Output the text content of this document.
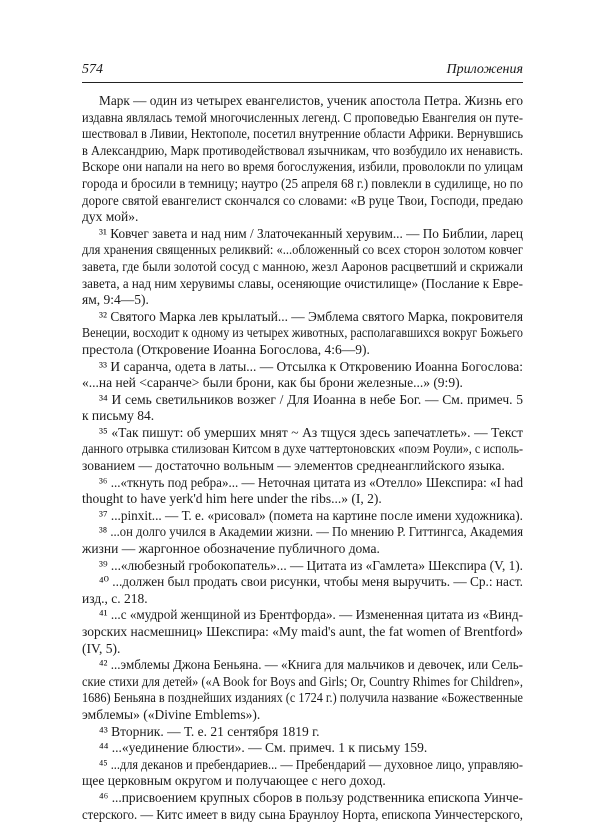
574	Приложения
Марк — один из четырех евангелистов, ученик апостола Петра. Жизнь его
издавна являлась темой многочисленных легенд. С проповедью Евангелия он путе-
шествовал в Ливии, Нектополе, посетил внутренние области Африки. Вернувшись
в Александрию, Марк противодействовал язычникам, что возбудило их ненависть.
Вскоре они напали на него во время богослужения, избили, проволокли по улицам
города и бросили в темницу; наутро (25 апреля 68 г.) повлекли в судилище, но по
дороге святой евангелист скончался со словами: «В руце Твои, Господи, предаю
дух мой».
³¹ Ковчег завета и над ним / Златочеканный херувим... — По Библии, ларец
для хранения священных реликвий: «...обложенный со всех сторон золотом ковчег
завета, где были золотой сосуд с манною, жезл Ааронов расцветший и скрижали
завета, а над ним херувимы славы, осеняющие очистилище» (Послание к Евре-
ям, 9:4—5).
³² Святого Марка лев крылатый... — Эмблема святого Марка, покровителя
Венеции, восходит к одному из четырех животных, располагавшихся вокруг Божьего
престола (Откровение Иоанна Богослова, 4:6—9).
³³ И саранча, одета в латы... — Отсылка к Откровению Иоанна Богослова:
«...на ней <саранче> были брони, как бы брони железные...» (9:9).
³⁴ И семь светильников возжег / Для Иоанна в небе Бог. — См. примеч. 5
к письму 84.
³⁵ «Так пишут: об умерших мнят ~ Аз тщуся здесь запечатлеть». — Текст
данного отрывка стилизован Китсом в духе чаттертоновских «поэм Роули», с исполь-
зованием — достаточно вольным — элементов среднеанглийского языка.
³⁶ ...«ткнуть под ребра»... — Неточная цитата из «Отелло» Шекспира: «I had
thought to have yerk'd him here under the ribs...» (I, 2).
³⁷ ...pinxit... — Т. е. «рисовал» (помета на картине после имени художника).
³⁸ ...он долго учился в Академии жизни. — По мнению Р. Гиттингса, Академия
жизни — жаргонное обозначение публичного дома.
³⁹ ...«любезный гробокопатель»... — Цитата из «Гамлета» Шекспира (V, 1).
⁴⁰ ...должен был продать свои рисунки, чтобы меня выручить. — Ср.: наст.
изд., с. 218.
⁴¹ ...с «мудрой женщиной из Брентфорда». — Измененная цитата из «Винд-
зорских насмешниц» Шекспира: «My maid's aunt, the fat women of Brentford»
(IV, 5).
⁴² ...эмблемы Джона Беньяна. — «Книга для мальчиков и девочек, или Сель-
ские стихи для детей» («A Book for Boys and Girls; Or, Country Rhimes for Children»,
1686) Беньяна в позднейших изданиях (с 1724 г.) получила название «Божественные
эмблемы» («Divine Emblems»).
⁴³ Вторник. — Т. е. 21 сентября 1819 г.
⁴⁴ ...«уединение блюсти». — См. примеч. 1 к письму 159.
⁴⁵ ...для деканов и пребендариев... — Пребендарий — духовное лицо, управляю-
щее церковным округом и получающее с него доход.
⁴⁶ ...присвоением крупных сборов в пользу родственника епископа Уинче-
стерского. — Китс имеет в виду сына Браунлоу Норта, епископа Уинчестерского,
